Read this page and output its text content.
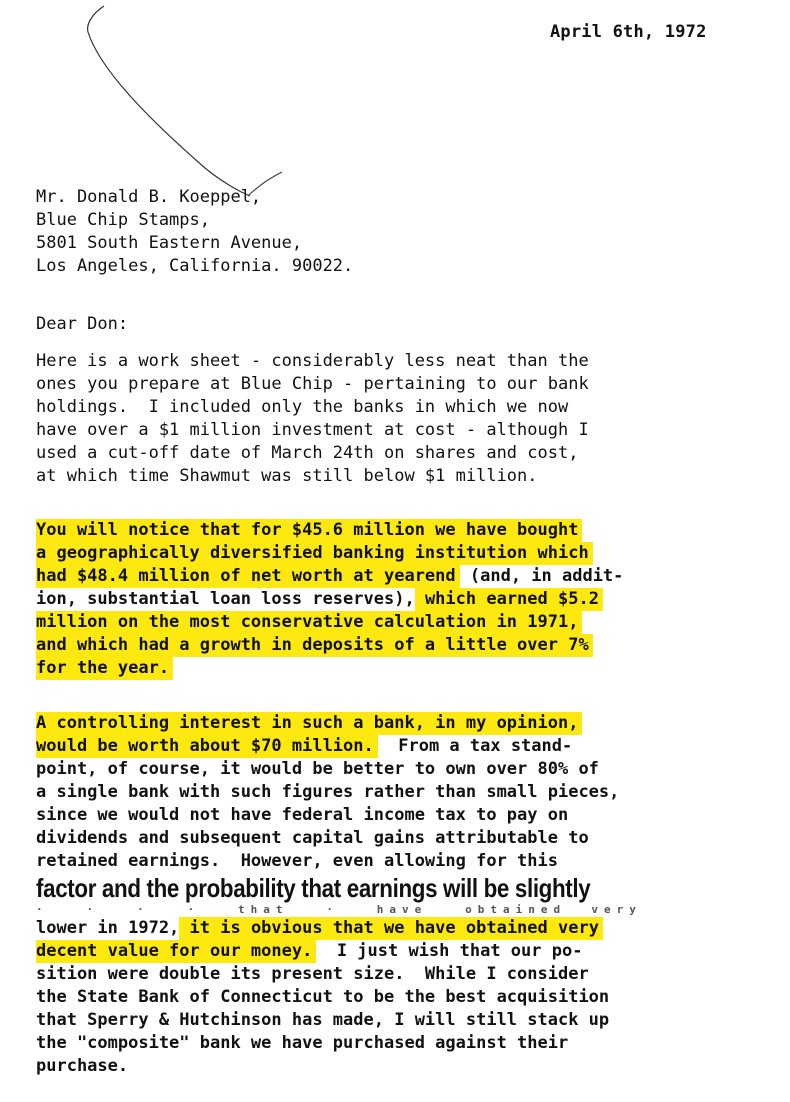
April 6th, 1972
Mr. Donald B. Koeppel,
Blue Chip Stamps,
5801 South Eastern Avenue,
Los Angeles, California. 90022.
Dear Don:
Here is a work sheet - considerably less neat than the
ones you prepare at Blue Chip - pertaining to our bank
holdings.  I included only the banks in which we now
have over a $1 million investment at cost - although I
used a cut-off date of March 24th on shares and cost,
at which time Shawmut was still below $1 million.
You will notice that for $45.6 million we have bought
a geographically diversified banking institution which
had $48.4 million of net worth at yearend (and, in addit-
ion, substantial loan loss reserves), which earned $5.2
million on the most conservative calculation in 1971,
and which had a growth in deposits of a little over 7%
for the year.
A controlling interest in such a bank, in my opinion,
would be worth about $70 million.  From a tax stand-
point, of course, it would be better to own over 80% of
a single bank with such figures rather than small pieces,
since we would not have federal income tax to pay on
dividends and subsequent capital gains attributable to
retained earnings.  However, even allowing for this
factor and the probability that earnings will be slightly
·   ·   ·   ·   that   ·   have   obtained  very
lower in 1972, it is obvious that we have obtained very
decent value for our money.  I just wish that our po-
sition were double its present size.  While I consider
the State Bank of Connecticut to be the best acquisition
that Sperry & Hutchinson has made, I will still stack up
the "composite" bank we have purchased against their
purchase.
